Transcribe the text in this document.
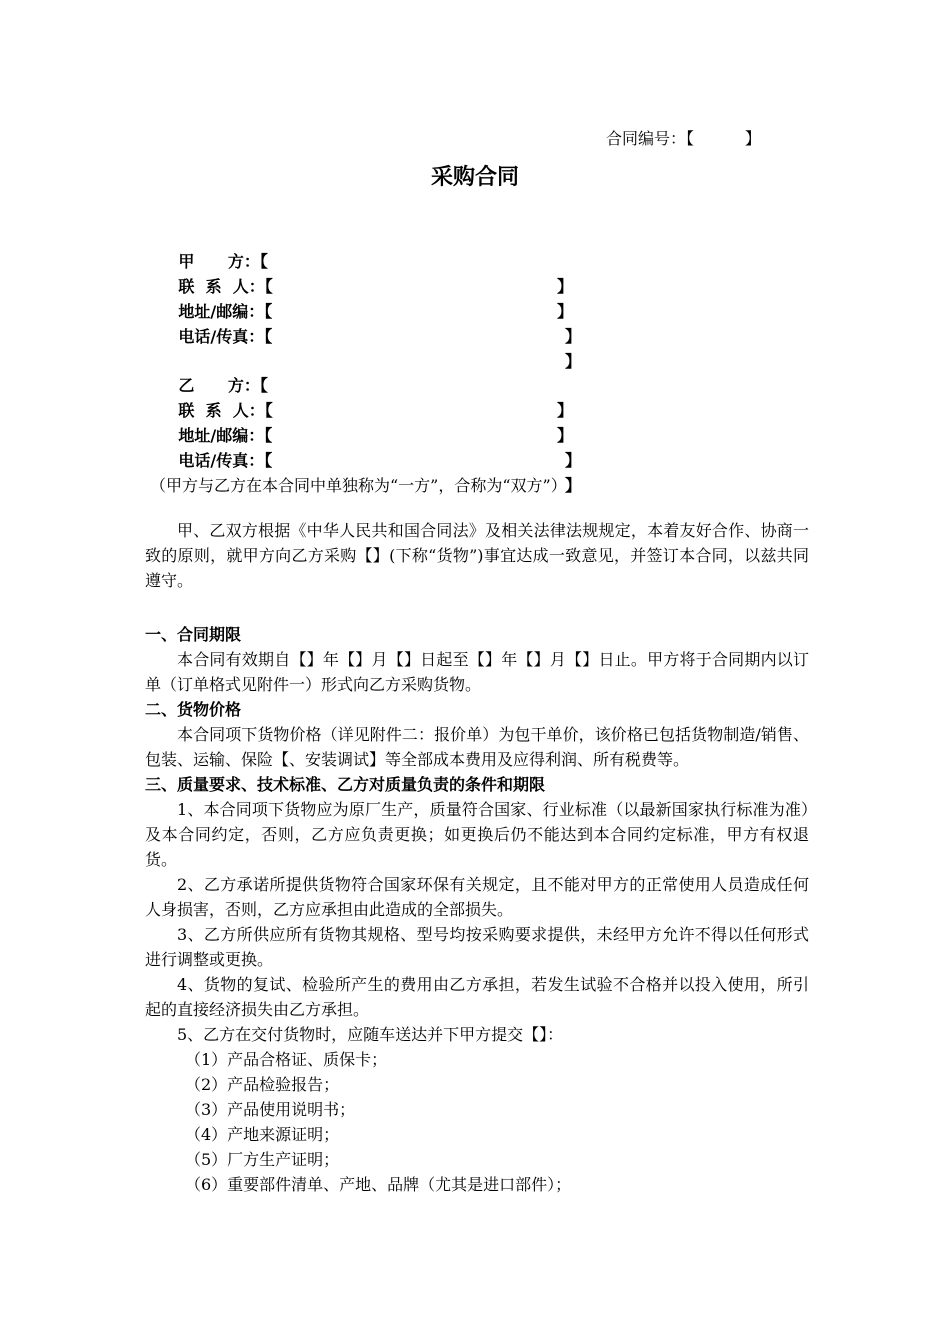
合同编号：【          】
采购合同

甲      方：【

】

联  系  人：【

】

地址/邮编：【

】

电话/传真：【

】

乙      方：【

】

联  系  人：【

】

地址/邮编：【

】

电话/传真：【

】

（甲方与乙方在本合同中单独称为“一方”，合称为“双方”）

甲、乙双方根据《中华人民共和国合同法》及相关法律法规规定，本着友好合作、协商一致的原则，就甲方向乙方采购【】(下称“货物”)事宜达成一致意见，并签订本合同，以兹共同遵守。

一、合同期限

本合同有效期自【】年【】月【】日起至【】年【】月【】日止。甲方将于合同期内以订单（订单格式见附件一）形式向乙方采购货物。

二、货物价格

本合同项下货物价格（详见附件二：报价单）为包干单价，该价格已包括货物制造/销售、包装、运输、保险【、安装调试】等全部成本费用及应得利润、所有税费等。

三、质量要求、技术标准、乙方对质量负责的条件和期限

1、本合同项下货物应为原厂生产，质量符合国家、行业标准（以最新国家执行标准为准）及本合同约定，否则，乙方应负责更换；如更换后仍不能达到本合同约定标准，甲方有权退货。

2、乙方承诺所提供货物符合国家环保有关规定，且不能对甲方的正常使用人员造成任何人身损害，否则，乙方应承担由此造成的全部损失。

3、乙方所供应所有货物其规格、型号均按采购要求提供，未经甲方允许不得以任何形式进行调整或更换。

4、货物的复试、检验所产生的费用由乙方承担，若发生试验不合格并以投入使用，所引起的直接经济损失由乙方承担。

5、乙方在交付货物时，应随车送达并下甲方提交【】：

（1）产品合格证、质保卡；

（2）产品检验报告；

（3）产品使用说明书；

（4）产地来源证明；

（5）厂方生产证明；

（6）重要部件清单、产地、品牌（尤其是进口部件）；
